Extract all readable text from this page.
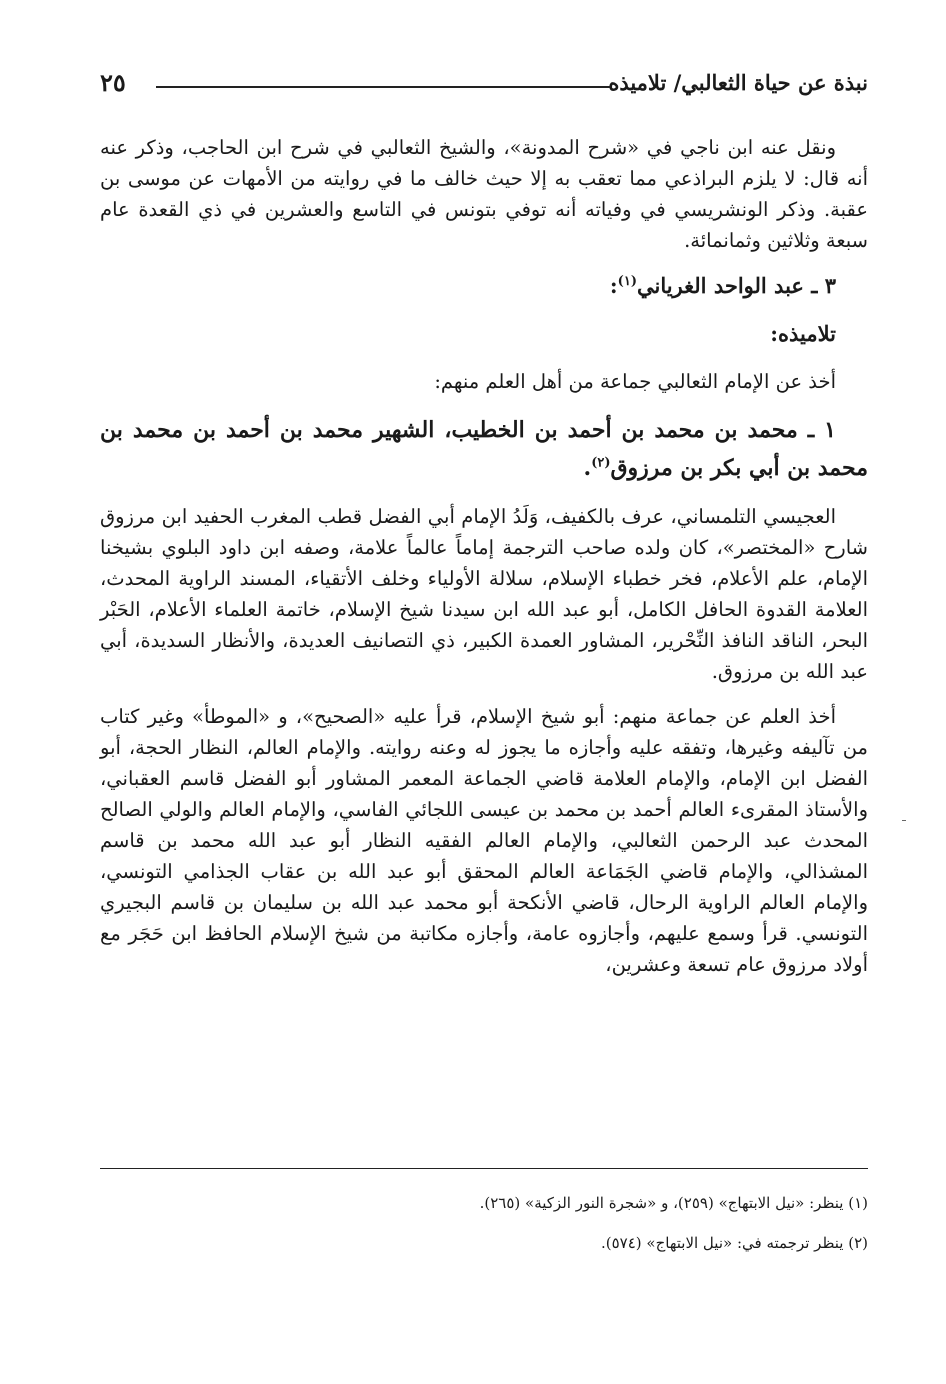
نبذة عن حياة الثعالبي/ تلاميذه
٢٥

ونقل عنه ابن ناجي في «شرح المدونة»، والشيخ الثعالبي في شرح ابن الحاجب، وذكر عنه أنه قال: لا يلزم البراذعي مما تعقب به إلا حيث خالف ما في روايته من الأمهات عن موسى بن عقبة. وذكر الونشريسي في وفياته أنه توفي بتونس في التاسع والعشرين في ذي القعدة عام سبعة وثلاثين وثمانمائة.

٣ ـ عبد الواحد الغرياني$^{(١)}$:

تلاميذه:

أخذ عن الإمام الثعالبي جماعة من أهل العلم منهم:

١ ـ محمد بن محمد بن أحمد بن الخطيب، الشهير محمد بن أحمد بن محمد بن محمد بن أبي بكر بن مرزوق$^{(٢)}$.

العجيسي التلمساني، عرف بالكفيف، وَلَدُ الإمام أبي الفضل قطب المغرب الحفيد ابن مرزوق شارح «المختصر»، كان ولده صاحب الترجمة إماماً عالماً علامة، وصفه ابن داود البلوي بشيخنا الإمام، علم الأعلام، فخر خطباء الإسلام، سلالة الأولياء وخلف الأتقياء، المسند الراوية المحدث، العلامة القدوة الحافل الكامل، أبو عبد الله ابن سيدنا شيخ الإسلام، خاتمة العلماء الأعلام، الحَبْر البحر، الناقد النافذ النِّحْرير، المشاور العمدة الكبير، ذي التصانيف العديدة، والأنظار السديدة، أبي عبد الله بن مرزوق.

أخذ العلم عن جماعة منهم: أبو شيخ الإسلام، قرأ عليه «الصحيح»، و «الموطأ» وغير كتاب من تآليفه وغيرها، وتفقه عليه وأجازه ما يجوز له وعنه روايته. والإمام العالم، النظار الحجة، أبو الفضل ابن الإمام، والإمام العلامة قاضي الجماعة المعمر المشاور أبو الفضل قاسم العقباني، والأستاذ المقرىء العالم أحمد بن محمد بن عيسى اللجائي الفاسي، والإمام العالم والولي الصالح المحدث عبد الرحمن الثعالبي، والإمام العالم الفقيه النظار أبو عبد الله محمد بن قاسم المشذالي، والإمام قاضي الجَمَاعة العالم المحقق أبو عبد الله بن عقاب الجذامي التونسي، والإمام العالم الراوية الرحال، قاضي الأنكحة أبو محمد عبد الله بن سليمان بن قاسم البجيري التونسي. قرأ وسمع عليهم، وأجازوه عامة، وأجازه مكاتبة من شيخ الإسلام الحافظ ابن حَجَر مع أولاد مرزوق عام تسعة وعشرين،

(١) ينظر: «نيل الابتهاج» (٢٥٩)، و «شجرة النور الزكية» (٢٦٥).

(٢) ينظر ترجمته في: «نيل الابتهاج» (٥٧٤).
